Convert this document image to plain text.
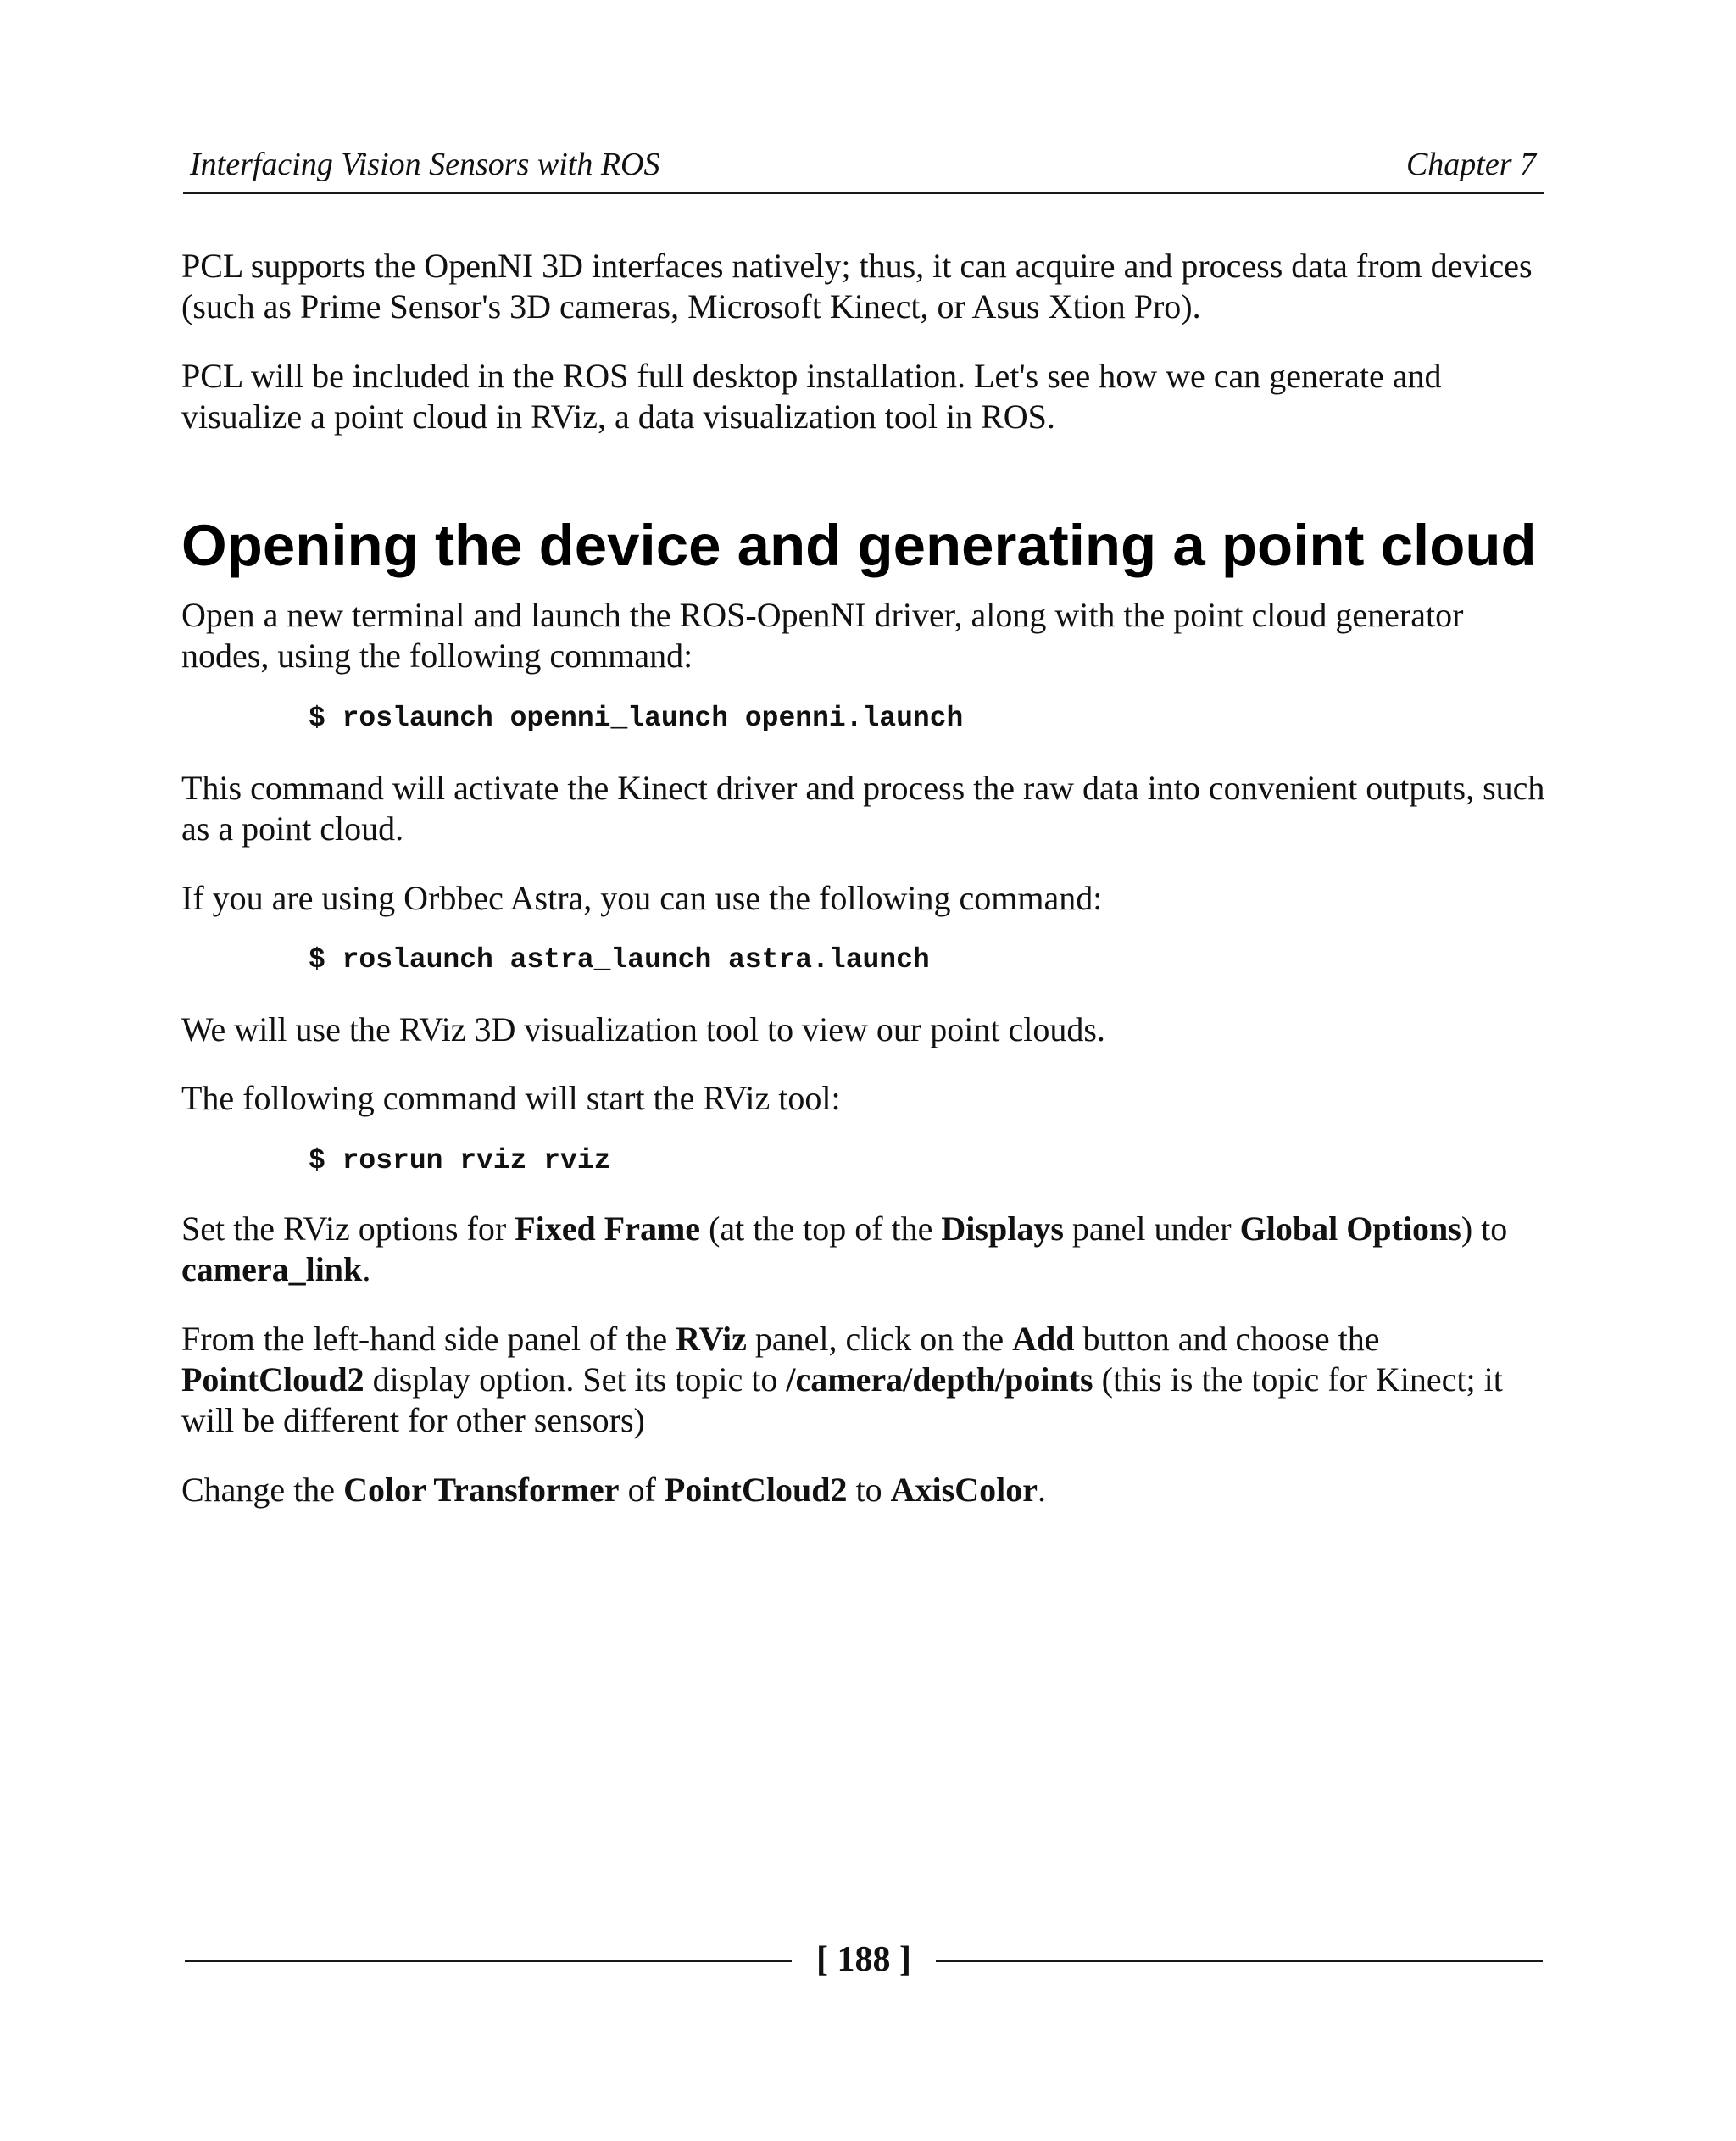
Interfacing Vision Sensors with ROS	Chapter 7

PCL supports the OpenNI 3D interfaces natively; thus, it can acquire and process data from devices (such as Prime Sensor's 3D cameras, Microsoft Kinect, or Asus Xtion Pro).

PCL will be included in the ROS full desktop installation. Let's see how we can generate and visualize a point cloud in RViz, a data visualization tool in ROS.

Opening the device and generating a point cloud

Open a new terminal and launch the ROS-OpenNI driver, along with the point cloud generator nodes, using the following command:

$ roslaunch openni_launch openni.launch

This command will activate the Kinect driver and process the raw data into convenient outputs, such as a point cloud.

If you are using Orbbec Astra, you can use the following command:

$ roslaunch astra_launch astra.launch

We will use the RViz 3D visualization tool to view our point clouds.

The following command will start the RViz tool:

$ rosrun rviz rviz

Set the RViz options for Fixed Frame (at the top of the Displays panel under Global Options) to camera_link.

From the left-hand side panel of the RViz panel, click on the Add button and choose the PointCloud2 display option. Set its topic to /camera/depth/points (this is the topic for Kinect; it will be different for other sensors)

Change the Color Transformer of PointCloud2 to AxisColor.

[ 188 ]
